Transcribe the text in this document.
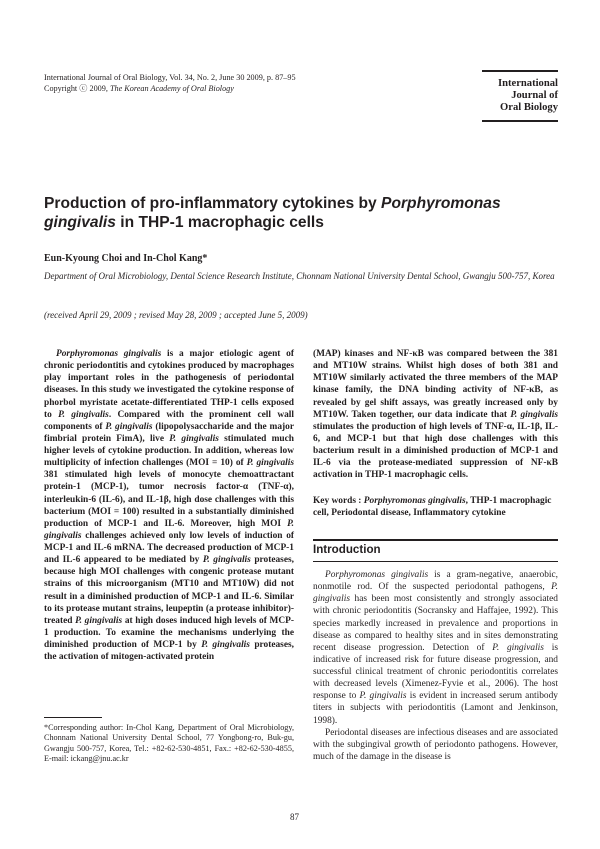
International Journal of Oral Biology, Vol. 34, No. 2, June 30 2009, p. 87–95
Copyright ⓒ 2009, The Korean Academy of Oral Biology	International
Journal of
Oral Biology
Production of pro-inflammatory cytokines by Porphyromonas
gingivalis in THP-1 macrophagic cells
Eun-Kyoung Choi and In-Chol Kang*
Department of Oral Microbiology, Dental Science Research Institute, Chonnam National University Dental School, Gwangju 500-757, Korea
(received April 29, 2009 ; revised May 28, 2009 ; accepted June 5, 2009)
Porphyromonas gingivalis is a major etiologic agent of chronic periodontitis and cytokines produced by macrophages play important roles in the pathogenesis of periodontal diseases. In this study we investigated the cytokine response of phorbol myristate acetate-differentiated THP-1 cells exposed to P. gingivalis. Compared with the prominent cell wall components of P. gingivalis (lipopolysaccharide and the major fimbrial protein FimA), live P. gingivalis stimulated much higher levels of cytokine production. In addition, whereas low multiplicity of infection challenges (MOI = 10) of P. gingivalis 381 stimulated high levels of monocyte chemoattractant protein-1 (MCP-1), tumor necrosis factor-α (TNF-α), interleukin-6 (IL-6), and IL-1β, high dose challenges with this bacterium (MOI = 100) resulted in a substantially diminished production of MCP-1 and IL-6. Moreover, high MOI P. gingivalis challenges achieved only low levels of induction of MCP-1 and IL-6 mRNA. The decreased production of MCP-1 and IL-6 appeared to be mediated by P. gingivalis proteases, because high MOI challenges with congenic protease mutant strains of this microorganism (MT10 and MT10W) did not result in a diminished production of MCP-1 and IL-6. Similar to its protease mutant strains, leupeptin (a protease inhibitor)-treated P. gingivalis at high doses induced high levels of MCP-1 production. To examine the mechanisms underlying the diminished production of MCP-1 by P. gingivalis proteases, the activation of mitogen-activated protein
(MAP) kinases and NF-κB was compared between the 381 and MT10W strains. Whilst high doses of both 381 and MT10W similarly activated the three members of the MAP kinase family, the DNA binding activity of NF-κB, as revealed by gel shift assays, was greatly increased only by MT10W. Taken together, our data indicate that P. gingivalis stimulates the production of high levels of TNF-α, IL-1β, IL-6, and MCP-1 but that high dose challenges with this bacterium result in a diminished production of MCP-1 and IL-6 via the protease-mediated suppression of NF-κB activation in THP-1 macrophagic cells.
Key words : Porphyromonas gingivalis, THP-1 macrophagic cell, Periodontal disease, Inflammatory cytokine
Introduction

Porphyromonas gingivalis is a gram-negative, anaerobic, nonmotile rod. Of the suspected periodontal pathogens, P. gingivalis has been most consistently and strongly associated with chronic periodontitis (Socransky and Haffajee, 1992). This species markedly increased in prevalence and proportions in disease as compared to healthy sites and in sites demonstrating recent disease progression. Detection of P. gingivalis is indicative of increased risk for future disease progression, and successful clinical treatment of chronic periodontitis correlates with decreased levels (Ximenez-Fyvie et al., 2006). The host response to P. gingivalis is evident in increased serum antibody titers in subjects with periodontitis (Lamont and Jenkinson, 1998).

Periodontal diseases are infectious diseases and are associated with the subgingival growth of periodonto pathogens. However, much of the damage in the disease is

*Corresponding author: In-Chol Kang, Department of Oral Microbiology, Chonnam National University Dental School, 77 Yongbong-ro, Buk-gu, Gwangju 500-757, Korea, Tel.: +82-62-530-4851, Fax.: +82-62-530-4855, E-mail: ickang@jnu.ac.kr
87
